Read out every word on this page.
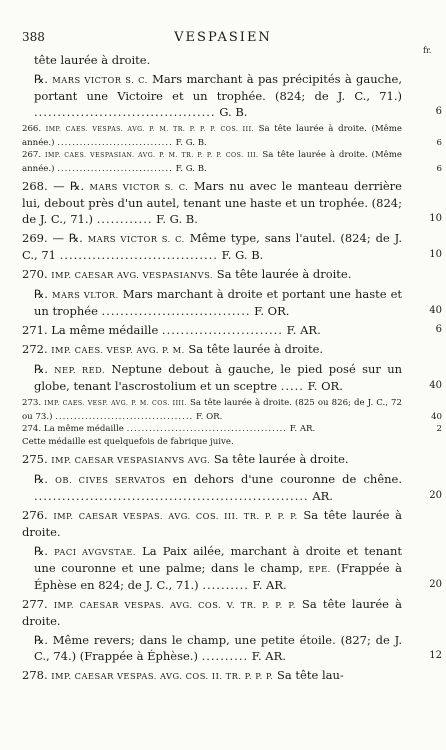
388	VESPASIEN
fr.

tête laurée à droite.

℞. MARS VICTOR S. C. Mars marchant à pas précipités à gauche, portant une Victoire et un trophée. (824; de J. C., 71.) ....................................... G. B.	6

266. IMP. CAES. VESPAS. AVG. P. M. TR. P. P. P. COS. III. Sa tête laurée à droite. (Même année.) ............................... F. G. B.	6

267. IMP. CAES. VESPASIAN. AVG. P. M. TR. P. P. P. COS. III. Sa tête laurée à droite. (Même année.) ............................... F. G. B.	6

268. — ℞. MARS VICTOR S. C. Mars nu avec le manteau derrière lui, debout près d'un autel, tenant une haste et un trophée. (824; de J. C., 71.) ............ F. G. B.	10

269. — ℞. MARS VICTOR S. C. Même type, sans l'autel. (824; de J. C., 71 .................................. F. G. B.	10

270. IMP. CAESAR AVG. VESPASIANVS. Sa tête laurée à droite.

℞. MARS VLTOR. Mars marchant à droite et portant une haste et un trophée ................................ F. OR.	40

271. La même médaille .......................... F. AR.	6

272. IMP. CAES. VESP. AVG. P. M. Sa tête laurée à droite.

℞. NEP. RED. Neptune debout à gauche, le pied posé sur un globe, tenant l'ascrostolium et un sceptre ..... F. OR.	40

273. IMP. CAES. VESP. AVG. P. M. COS. IIII. Sa tête laurée à droite. (825 ou 826; de J. C., 72 ou 73.) ..................................... F. OR.	40

274. La même médaille ........................................... F. AR.	2

Cette médaille est quelquefois de fabrique juive.

275. IMP. CAESAR VESPASIANVS AVG. Sa tête laurée à droite.

℞. OB. CIVES SERVATOS en dehors d'une couronne de chêne. ........................................................... AR.	20

276. IMP. CAESAR VESPAS. AVG. COS. III. TR. P. P. P. Sa tête laurée à droite.

℞. PACI AVGVSTAE. La Paix ailée, marchant à droite et tenant une couronne et une palme; dans le champ, EPE. (Frappée à Éphèse en 824; de J. C., 71.) .......... F. AR.	20

277. IMP. CAESAR VESPAS. AVG. COS. V. TR. P. P. P. Sa tête laurée à droite.

℞. Même revers; dans le champ, une petite étoile. (827; de J. C., 74.) (Frappée à Éphèse.) .......... F. AR.	12

278. IMP. CAESAR VESPAS. AVG. COS. II. TR. P. P. P. Sa tête lau-
